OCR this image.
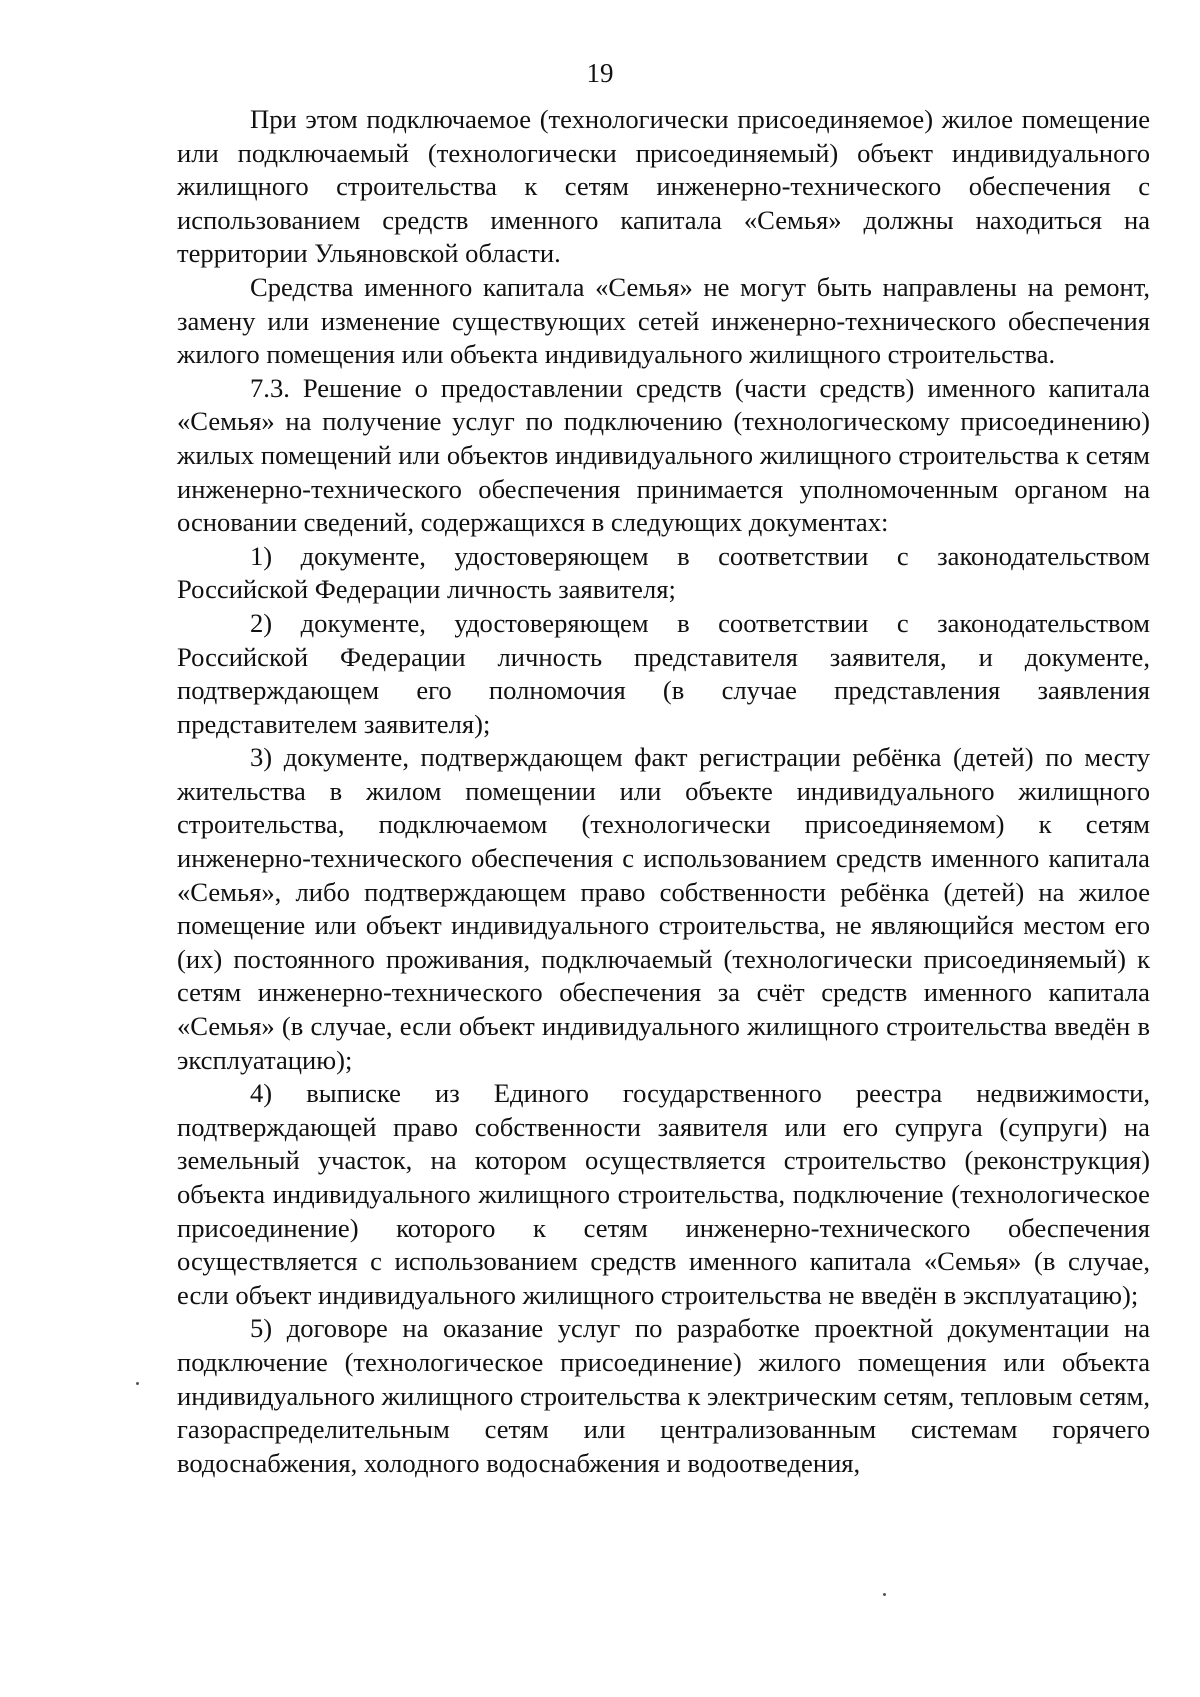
19

При этом подключаемое (технологически присоединяемое) жилое помещение или подключаемый (технологически присоединяемый) объект индивидуального жилищного строительства к сетям инженерно-технического обеспечения с использованием средств именного капитала «Семья» должны находиться на территории Ульяновской области.

Средства именного капитала «Семья» не могут быть направлены на ремонт, замену или изменение существующих сетей инженерно-технического обеспечения жилого помещения или объекта индивидуального жилищного строительства.

7.3. Решение о предоставлении средств (части средств) именного капитала «Семья» на получение услуг по подключению (технологическому присоединению) жилых помещений или объектов индивидуального жилищного строительства к сетям инженерно-технического обеспечения принимается уполномоченным органом на основании сведений, содержащихся в следующих документах:

1) документе, удостоверяющем в соответствии с законодательством Российской Федерации личность заявителя;

2) документе, удостоверяющем в соответствии с законодательством Российской Федерации личность представителя заявителя, и документе, подтверждающем его полномочия (в случае представления заявления представителем заявителя);

3) документе, подтверждающем факт регистрации ребёнка (детей) по месту жительства в жилом помещении или объекте индивидуального жилищного строительства, подключаемом (технологически присоединяемом) к сетям инженерно-технического обеспечения с использованием средств именного капитала «Семья», либо подтверждающем право собственности ребёнка (детей) на жилое помещение или объект индивидуального строительства, не являющийся местом его (их) постоянного проживания, подключаемый (технологически присоединяемый) к сетям инженерно-технического обеспечения за счёт средств именного капитала «Семья» (в случае, если объект индивидуального жилищного строительства введён в эксплуатацию);

4) выписке из Единого государственного реестра недвижимости, подтверждающей право собственности заявителя или его супруга (супруги) на земельный участок, на котором осуществляется строительство (реконструкция) объекта индивидуального жилищного строительства, подключение (технологическое присоединение) которого к сетям инженерно-технического обеспечения осуществляется с использованием средств именного капитала «Семья» (в случае, если объект индивидуального жилищного строительства не введён в эксплуатацию);

5) договоре на оказание услуг по разработке проектной документации на подключение (технологическое присоединение) жилого помещения или объекта индивидуального жилищного строительства к электрическим сетям, тепловым сетям, газораспределительным сетям или централизованным системам горячего водоснабжения, холодного водоснабжения и водоотведения,
